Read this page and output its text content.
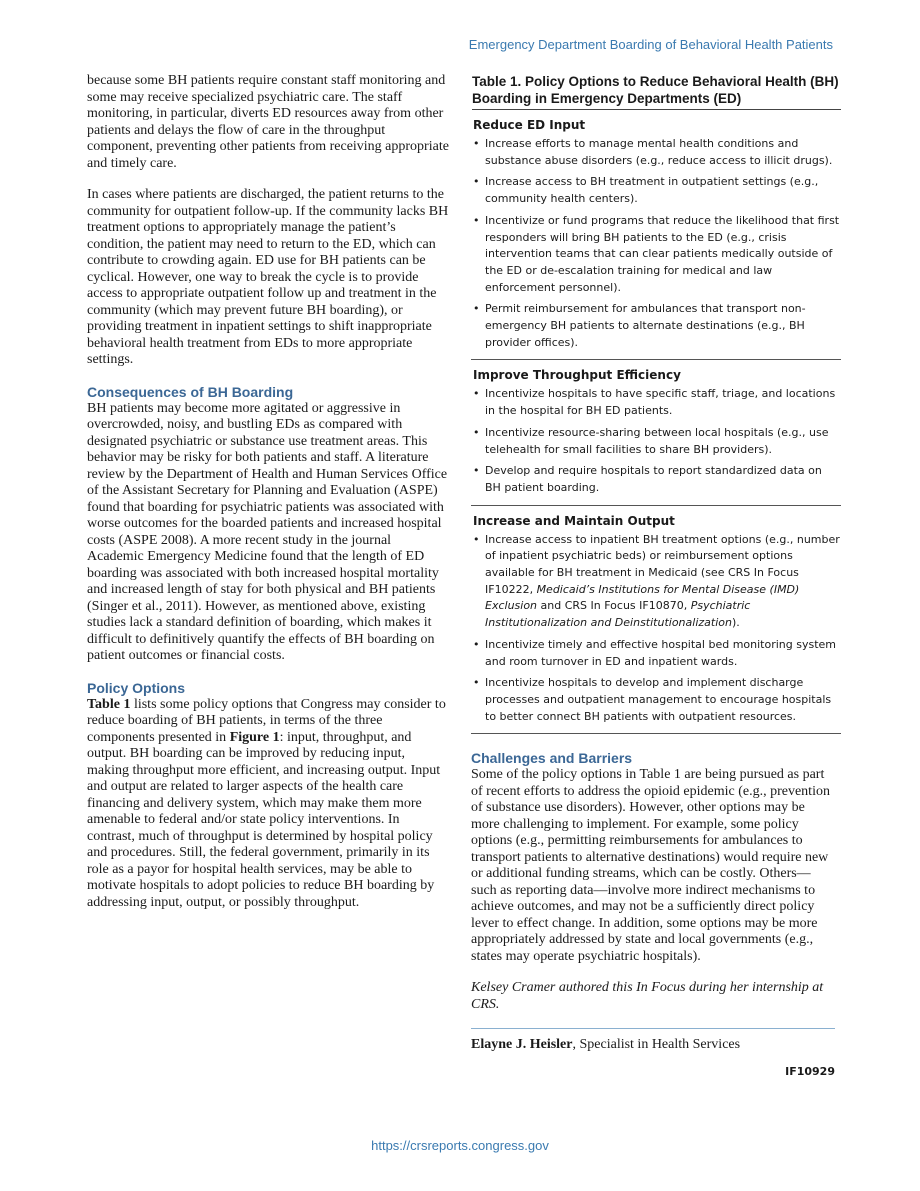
Emergency Department Boarding of Behavioral Health Patients

because some BH patients require constant staff monitoring and some may receive specialized psychiatric care. The staff monitoring, in particular, diverts ED resources away from other patients and delays the flow of care in the throughput component, preventing other patients from receiving appropriate and timely care.

In cases where patients are discharged, the patient returns to the community for outpatient follow-up. If the community lacks BH treatment options to appropriately manage the patient’s condition, the patient may need to return to the ED, which can contribute to crowding again. ED use for BH patients can be cyclical. However, one way to break the cycle is to provide access to appropriate outpatient follow up and treatment in the community (which may prevent future BH boarding), or providing treatment in inpatient settings to shift inappropriate behavioral health treatment from EDs to more appropriate settings.

Consequences of BH Boarding

BH patients may become more agitated or aggressive in overcrowded, noisy, and bustling EDs as compared with designated psychiatric or substance use treatment areas. This behavior may be risky for both patients and staff. A literature review by the Department of Health and Human Services Office of the Assistant Secretary for Planning and Evaluation (ASPE) found that boarding for psychiatric patients was associated with worse outcomes for the boarded patients and increased hospital costs (ASPE 2008). A more recent study in the journal Academic Emergency Medicine found that the length of ED boarding was associated with both increased hospital mortality and increased length of stay for both physical and BH patients (Singer et al., 2011). However, as mentioned above, existing studies lack a standard definition of boarding, which makes it difficult to definitively quantify the effects of BH boarding on patient outcomes or financial costs.

Policy Options

Table 1 lists some policy options that Congress may consider to reduce boarding of BH patients, in terms of the three components presented in Figure 1: input, throughput, and output. BH boarding can be improved by reducing input, making throughput more efficient, and increasing output. Input and output are related to larger aspects of the health care financing and delivery system, which may make them more amenable to federal and/or state policy interventions. In contrast, much of throughput is determined by hospital policy and procedures. Still, the federal government, primarily in its role as a payor for hospital health services, may be able to motivate hospitals to adopt policies to reduce BH boarding by addressing input, output, or possibly throughput.

Table 1. Policy Options to Reduce Behavioral Health (BH) Boarding in Emergency Departments (ED)
Reduce ED Input
• Increase efforts to manage mental health conditions and substance abuse disorders (e.g., reduce access to illicit drugs).
• Increase access to BH treatment in outpatient settings (e.g., community health centers).
• Incentivize or fund programs that reduce the likelihood that first responders will bring BH patients to the ED (e.g., crisis intervention teams that can clear patients medically outside of the ED or de-escalation training for medical and law enforcement personnel).
• Permit reimbursement for ambulances that transport non-emergency BH patients to alternate destinations (e.g., BH provider offices).
Improve Throughput Efficiency
• Incentivize hospitals to have specific staff, triage, and locations in the hospital for BH ED patients.
• Incentivize resource-sharing between local hospitals (e.g., use telehealth for small facilities to share BH providers).
• Develop and require hospitals to report standardized data on BH patient boarding.
Increase and Maintain Output
• Increase access to inpatient BH treatment options (e.g., number of inpatient psychiatric beds) or reimbursement options available for BH treatment in Medicaid (see CRS In Focus IF10222, Medicaid’s Institutions for Mental Disease (IMD) Exclusion and CRS In Focus IF10870, Psychiatric Institutionalization and Deinstitutionalization).
• Incentivize timely and effective hospital bed monitoring system and room turnover in ED and inpatient wards.
• Incentivize hospitals to develop and implement discharge processes and outpatient management to encourage hospitals to better connect BH patients with outpatient resources.
Challenges and Barriers

Some of the policy options in Table 1 are being pursued as part of recent efforts to address the opioid epidemic (e.g., prevention of substance use disorders). However, other options may be more challenging to implement. For example, some policy options (e.g., permitting reimbursements for ambulances to transport patients to alternative destinations) would require new or additional funding streams, which can be costly. Others—such as reporting data—involve more indirect mechanisms to achieve outcomes, and may not be a sufficiently direct policy lever to effect change. In addition, some options may be more appropriately addressed by state and local governments (e.g., states may operate psychiatric hospitals).

Kelsey Cramer authored this In Focus during her internship at CRS.

Elayne J. Heisler, Specialist in Health Services
IF10929
https://crsreports.congress.gov
